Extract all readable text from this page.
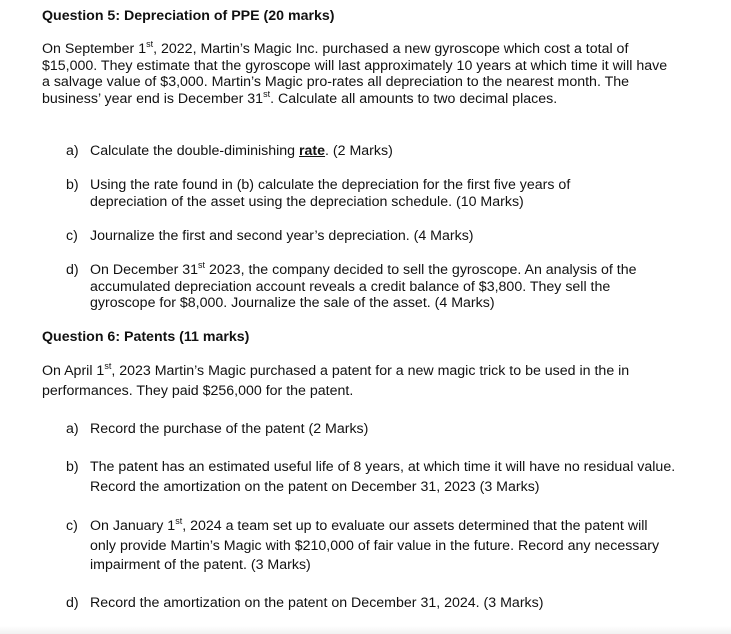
Question 5: Depreciation of PPE (20 marks)
On September 1st, 2022, Martin’s Magic Inc. purchased a new gyroscope which cost a total of $15,000. They estimate that the gyroscope will last approximately 10 years at which time it will have a salvage value of $3,000. Martin’s Magic pro-rates all depreciation to the nearest month. The business’ year end is December 31st. Calculate all amounts to two decimal places.
a) Calculate the double-diminishing rate. (2 Marks)
b) Using the rate found in (b) calculate the depreciation for the first five years of depreciation of the asset using the depreciation schedule. (10 Marks)
c) Journalize the first and second year’s depreciation. (4 Marks)
d) On December 31st 2023, the company decided to sell the gyroscope. An analysis of the accumulated depreciation account reveals a credit balance of $3,800. They sell the gyroscope for $8,000. Journalize the sale of the asset. (4 Marks)
Question 6: Patents (11 marks)
On April 1st, 2023 Martin’s Magic purchased a patent for a new magic trick to be used in the in performances. They paid $256,000 for the patent.
a) Record the purchase of the patent (2 Marks)
b) The patent has an estimated useful life of 8 years, at which time it will have no residual value. Record the amortization on the patent on December 31, 2023 (3 Marks)
c) On January 1st, 2024 a team set up to evaluate our assets determined that the patent will only provide Martin’s Magic with $210,000 of fair value in the future. Record any necessary impairment of the patent. (3 Marks)
d) Record the amortization on the patent on December 31, 2024. (3 Marks)
